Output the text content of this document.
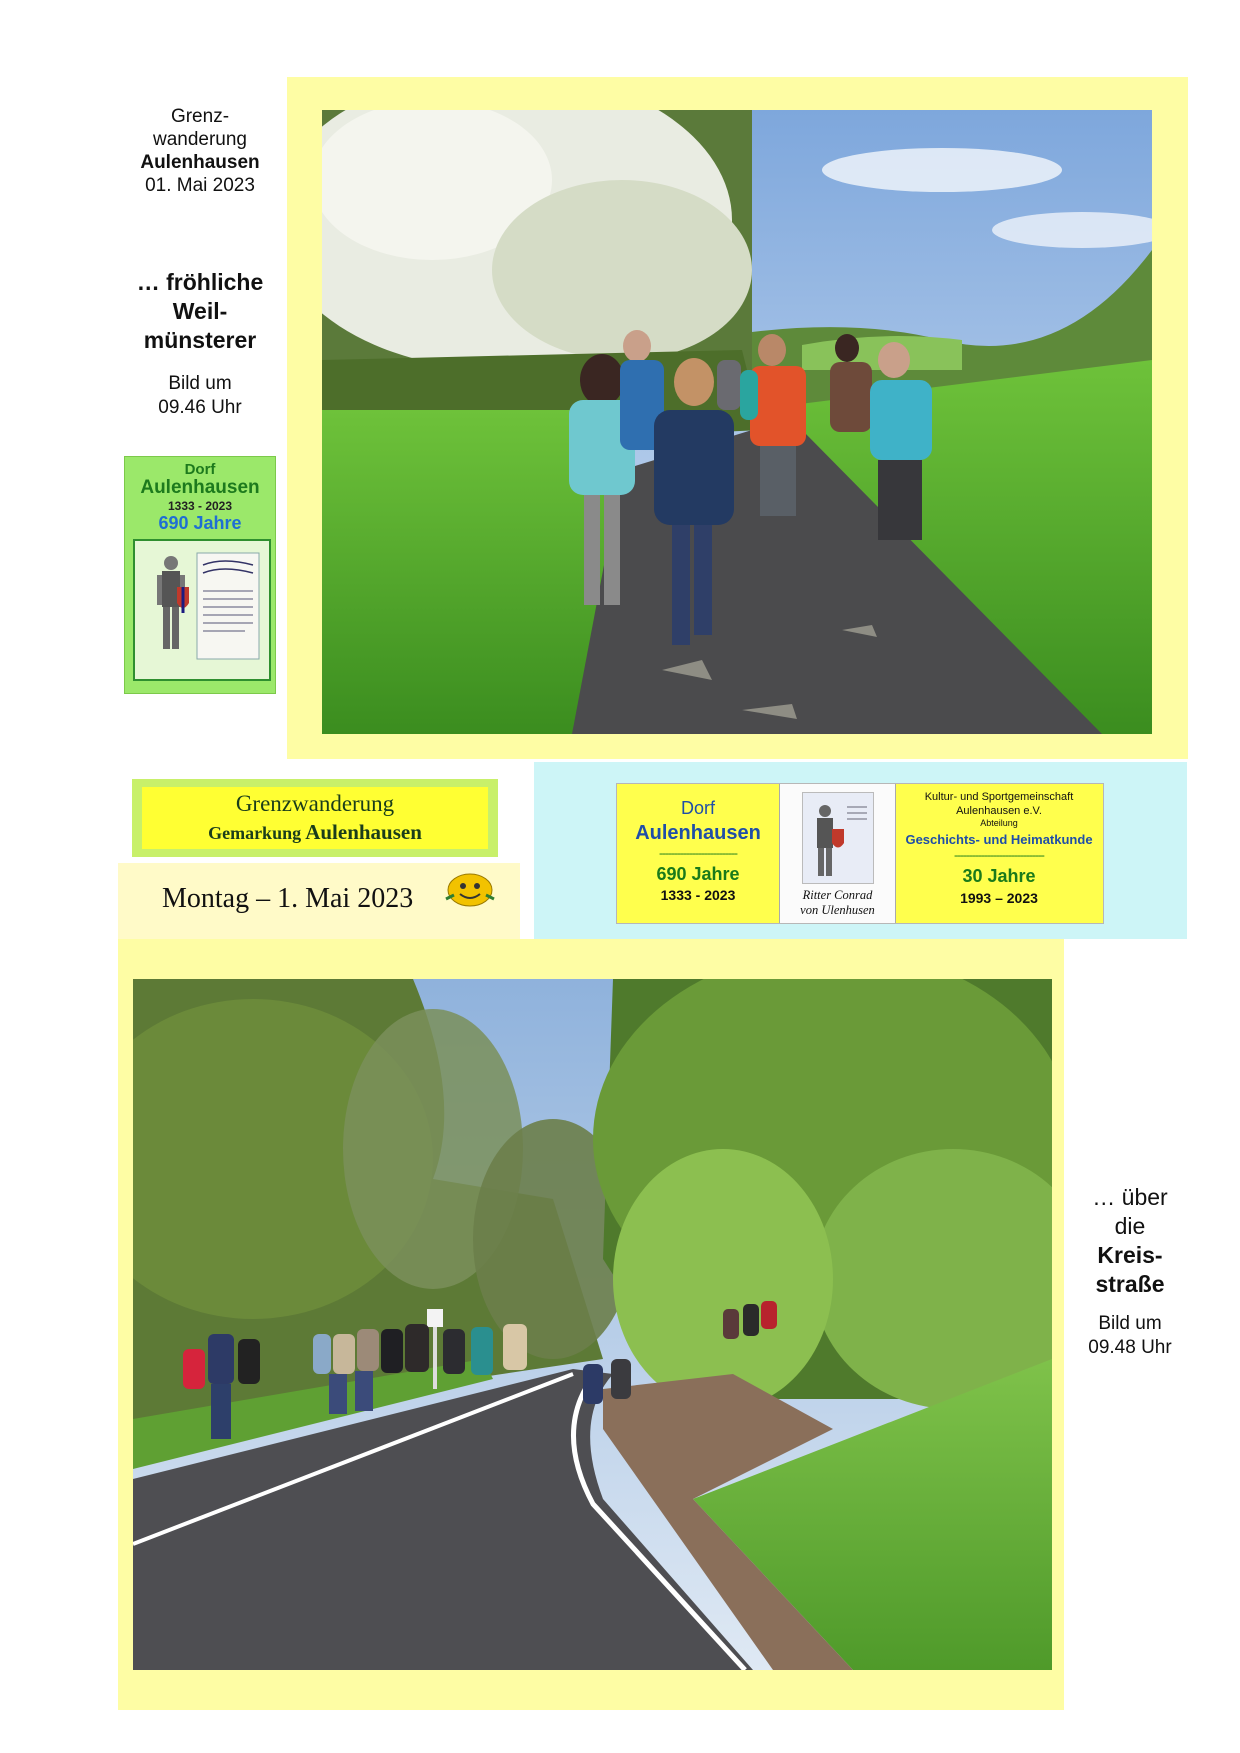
Grenz-
wanderung
Aulenhausen
01. Mai 2023
… fröhliche
Weil-
münsterer
Bild um
09.46 Uhr
Dorf
Aulenhausen
1333 - 2023
690 Jahre
Grenzwanderung
Gemarkung Aulenhausen
Montag – 1. Mai 2023
Dorf
Aulenhausen
--------------------------
690 Jahre
1333 - 2023	Ritter Conrad
von Ulenhusen
Kultur- und Sportgemeinschaft
Aulenhausen e.V.
Abteilung
Geschichts- und Heimatkunde
------------------------------
30 Jahre
1993 – 2023
… über
die
Kreis-
straße
Bild um
09.48 Uhr
